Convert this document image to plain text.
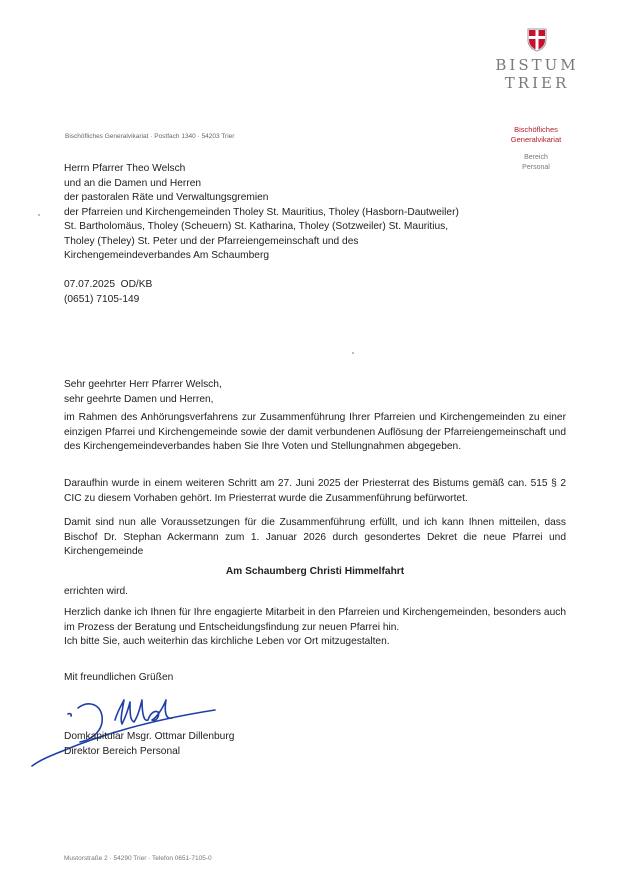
BISTUM
TRIER
Bischöfliches
Generalvikariat
Bereich
Personal
Bischöfliches Generalvikariat · Postfach 1340 · 54203 Trier
Herrn Pfarrer Theo Welsch
und an die Damen und Herren
der pastoralen Räte und Verwaltungsgremien
der Pfarreien und Kirchengemeinden Tholey St. Mauritius, Tholey (Hasborn-Dautweiler)
St. Bartholomäus, Tholey (Scheuern) St. Katharina, Tholey (Sotzweiler) St. Mauritius,
Tholey (Theley) St. Peter und der Pfarreiengemeinschaft und des
Kirchengemeindeverbandes Am Schaumberg
07.07.2025  OD/KB
(0651) 7105-149
Sehr geehrter Herr Pfarrer Welsch,
sehr geehrte Damen und Herren,
im Rahmen des Anhörungsverfahrens zur Zusammenführung Ihrer Pfarreien und Kirchengemeinden zu einer einzigen Pfarrei und Kirchengemeinde sowie der damit verbundenen Auflösung der Pfarreiengemeinschaft und des Kirchengemeindeverbandes haben Sie Ihre Voten und Stellungnahmen abgegeben.
Daraufhin wurde in einem weiteren Schritt am 27. Juni 2025 der Priesterrat des Bistums gemäß can. 515 § 2 CIC zu diesem Vorhaben gehört. Im Priesterrat wurde die Zusammenführung befürwortet.
Damit sind nun alle Voraussetzungen für die Zusammenführung erfüllt, und ich kann Ihnen mitteilen, dass Bischof Dr. Stephan Ackermann zum 1. Januar 2026 durch gesondertes Dekret die neue Pfarrei und Kirchengemeinde
Am Schaumberg Christi Himmelfahrt
errichten wird.
Herzlich danke ich Ihnen für Ihre engagierte Mitarbeit in den Pfarreien und Kirchengemeinden, besonders auch im Prozess der Beratung und Entscheidungsfindung zur neuen Pfarrei hin.
Ich bitte Sie, auch weiterhin das kirchliche Leben vor Ort mitzugestalten.
Mit freundlichen Grüßen
Domkapitular Msgr. Ottmar Dillenburg
Direktor Bereich Personal
Mustorstraße 2 · 54290 Trier · Telefon 0651-7105-0
